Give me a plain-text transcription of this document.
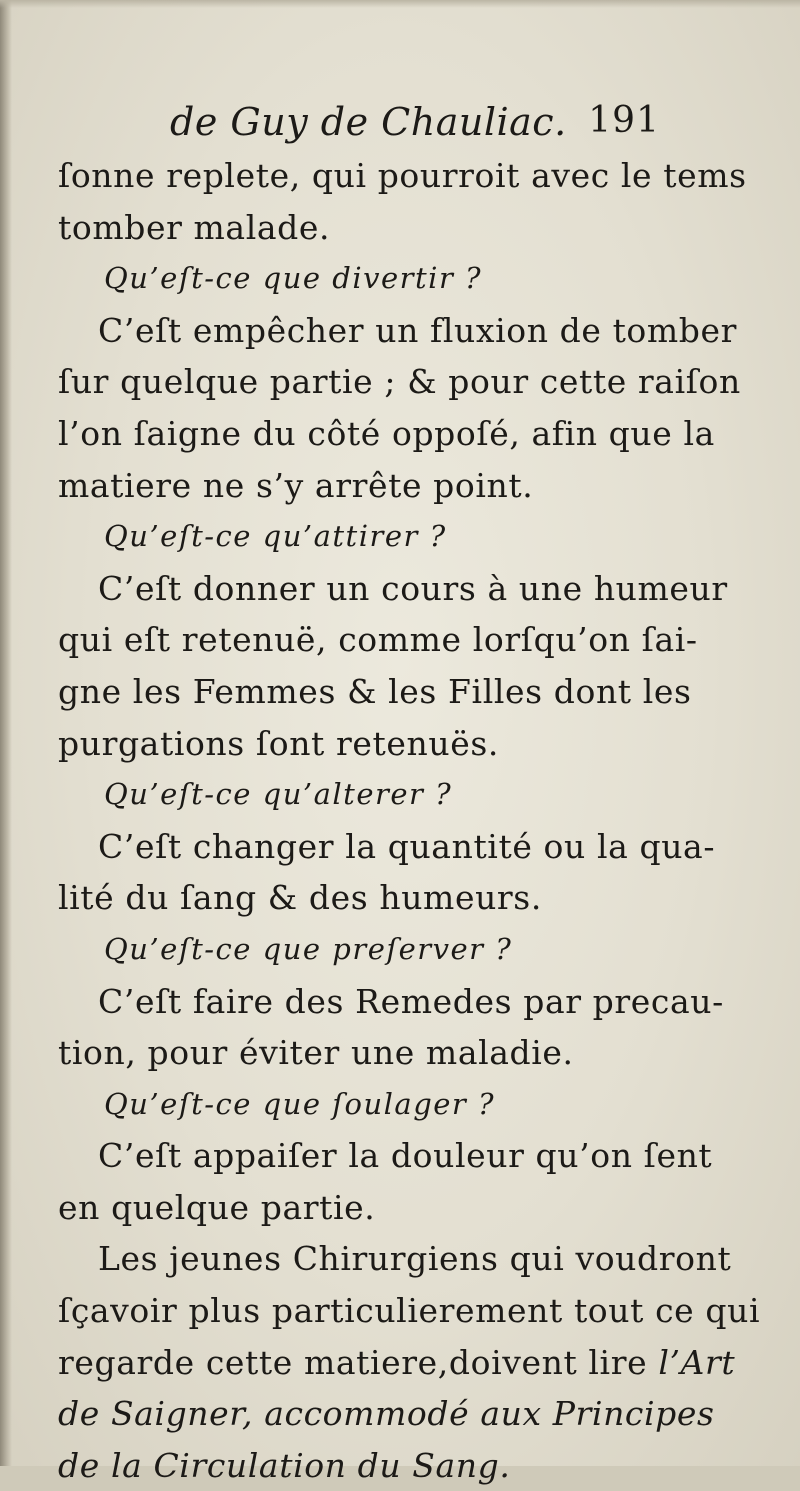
de Guy de Chauliac. 191
ſonne replete, qui pourroit avec le tems
tomber malade.
Qu’eſt-ce que divertir ?
C’eſt empêcher un fluxion de tomber
ſur quelque partie ; & pour cette raiſon
l’on ſaigne du côté oppoſé, afin que la
matiere ne s’y arrête point.
Qu’eſt-ce qu’attirer ?
C’eſt donner un cours à une humeur
qui eſt retenuë, comme lorſqu’on ſai-
gne les Femmes & les Filles dont les
purgations ſont retenuës.
Qu’eſt-ce qu’alterer ?
C’eſt changer la quantité ou la qua-
lité du ſang & des humeurs.
Qu’eſt-ce que preſerver ?
C’eſt faire des Remedes par precau-
tion, pour éviter une maladie.
Qu’eſt-ce que ſoulager ?
C’eſt appaiſer la douleur qu’on ſent
en quelque partie.
Les jeunes Chirurgiens qui voudront
ſçavoir plus particulierement tout ce qui
regarde cette matiere,doivent lire l’Art
de Saigner, accommodé aux Principes
de la Circulation du Sang.
